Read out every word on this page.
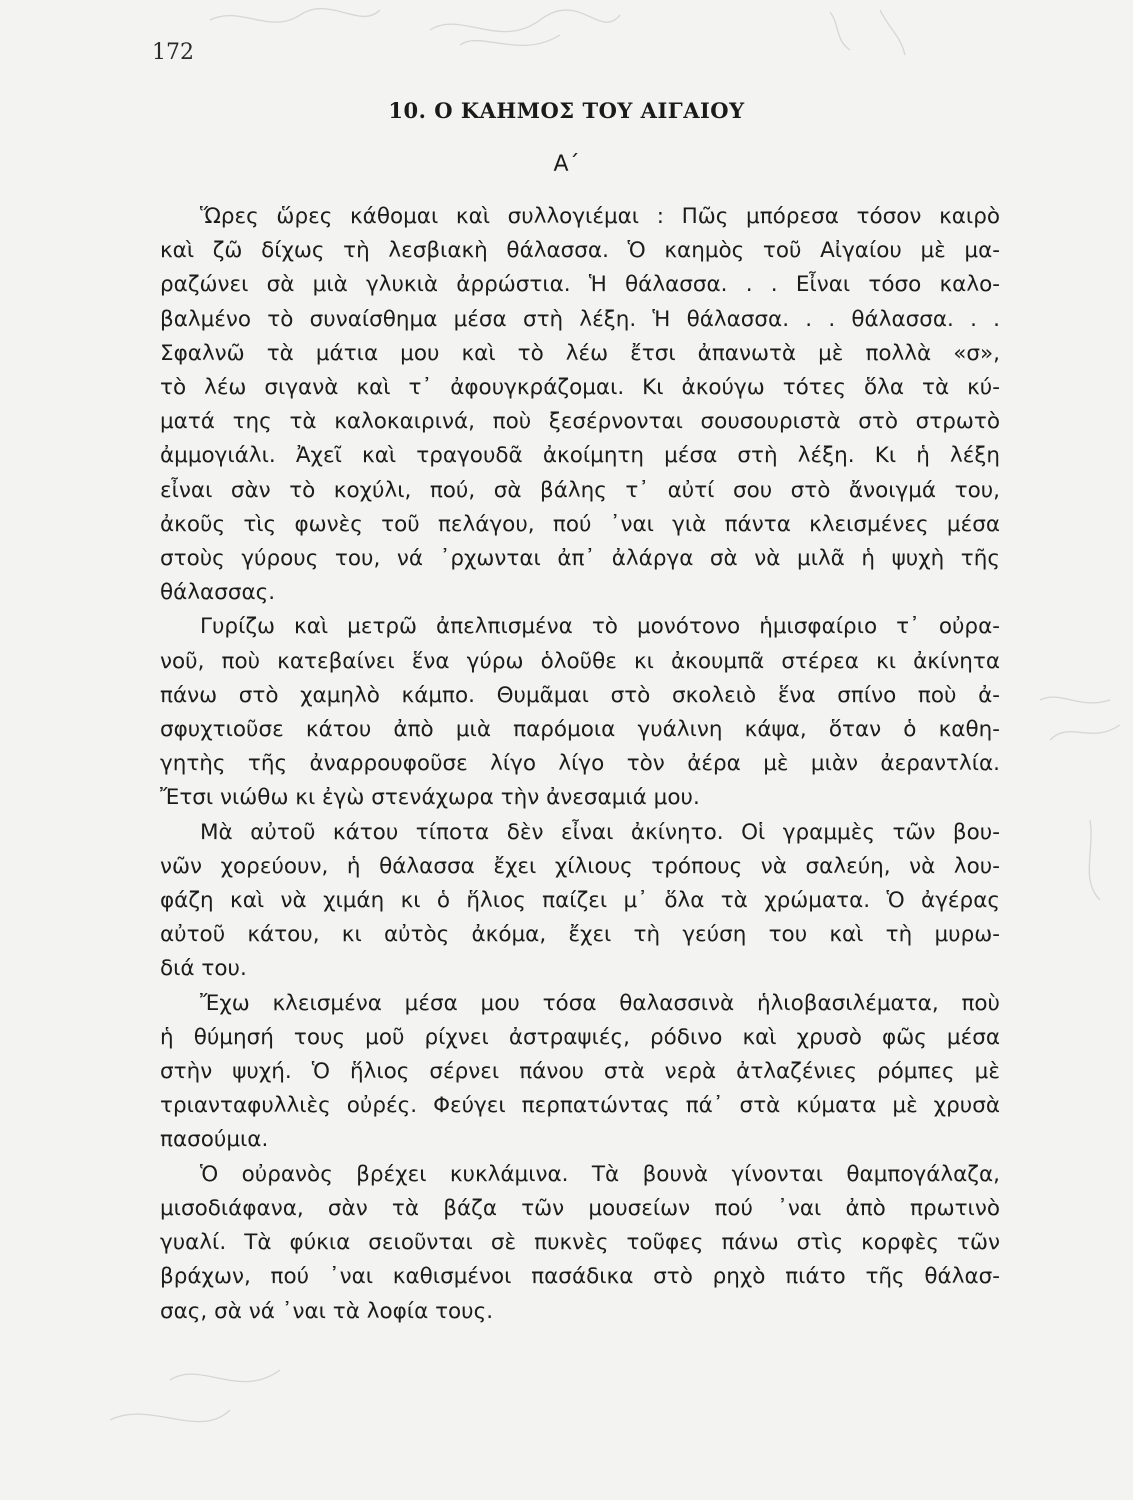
172
10. Ο ΚΑΗΜΟΣ ΤΟΥ ΑΙΓΑΙΟΥ
Α΄

Ὥρες ὥρες κάθομαι καὶ συλλογιέμαι : Πῶς μπόρεσα τόσον καιρὸ
καὶ ζῶ δίχως τὴ λεσβιακὴ θάλασσα. Ὁ καημὸς τοῦ Αἰγαίου μὲ μα-
ραζώνει σὰ μιὰ γλυκιὰ ἀρρώστια. Ἡ θάλασσα. . . Εἶναι τόσο καλο-
βαλμένο τὸ συναίσθημα μέσα στὴ λέξη. Ἡ θάλασσα. . . θάλασσα. . .
Σφαλνῶ τὰ μάτια μου καὶ τὸ λέω ἔτσι ἀπανωτὰ μὲ πολλὰ «σ»,
τὸ λέω σιγανὰ καὶ τ᾽ ἀφουγκράζομαι. Κι ἀκούγω τότες ὅλα τὰ κύ-
ματά της τὰ καλοκαιρινά, ποὺ ξεσέρνονται σουσουριστὰ στὸ στρωτὸ
ἀμμογιάλι. Ἀχεῖ καὶ τραγουδᾶ ἀκοίμητη μέσα στὴ λέξη. Κι ἡ λέξη
εἶναι σὰν τὸ κοχύλι, πού, σὰ βάλης τ᾽ αὐτί σου στὸ ἄνοιγμά του,
ἀκοῦς τὶς φωνὲς τοῦ πελάγου, πού ᾽ναι γιὰ πάντα κλεισμένες μέσα
στοὺς γύρους του, νά ᾽ρχωνται ἀπ᾽ ἀλάργα σὰ νὰ μιλᾶ ἡ ψυχὴ τῆς
θάλασσας.

Γυρίζω καὶ μετρῶ ἀπελπισμένα τὸ μονότονο ἡμισφαίριο τ᾽ οὐρα-
νοῦ, ποὺ κατεβαίνει ἕνα γύρω ὁλοῦθε κι ἀκουμπᾶ στέρεα κι ἀκίνητα
πάνω στὸ χαμηλὸ κάμπο. Θυμᾶμαι στὸ σκολειὸ ἕνα σπίνο ποὺ ἀ-
σφυχτιοῦσε κάτου ἀπὸ μιὰ παρόμοια γυάλινη κάψα, ὅταν ὁ καθη-
γητὴς τῆς ἀναρρουφοῦσε λίγο λίγο τὸν ἀέρα μὲ μιὰν ἀεραντλία.
Ἔτσι νιώθω κι ἐγὼ στενάχωρα τὴν ἀνεσαμιά μου.

Μὰ αὐτοῦ κάτου τίποτα δὲν εἶναι ἀκίνητο. Οἱ γραμμὲς τῶν βου-
νῶν χορεύουν, ἡ θάλασσα ἔχει χίλιους τρόπους νὰ σαλεύη, νὰ λου-
φάζη καὶ νὰ χιμάη κι ὁ ἥλιος παίζει μ᾽ ὅλα τὰ χρώματα. Ὁ ἀγέρας
αὐτοῦ κάτου, κι αὐτὸς ἀκόμα, ἔχει τὴ γεύση του καὶ τὴ μυρω-
διά του.

Ἔχω κλεισμένα μέσα μου τόσα θαλασσινὰ ἡλιοβασιλέματα, ποὺ
ἡ θύμησή τους μοῦ ρίχνει ἀστραψιές, ρόδινο καὶ χρυσὸ φῶς μέσα
στὴν ψυχή. Ὁ ἥλιος σέρνει πάνου στὰ νερὰ ἀτλαζένιες ρόμπες μὲ
τριανταφυλλιὲς οὐρές. Φεύγει περπατώντας πά᾽ στὰ κύματα μὲ χρυσὰ
πασούμια.

Ὁ οὐρανὸς βρέχει κυκλάμινα. Τὰ βουνὰ γίνονται θαμπογάλαζα,
μισοδιάφανα, σὰν τὰ βάζα τῶν μουσείων πού ᾽ναι ἀπὸ πρωτινὸ
γυαλί. Τὰ φύκια σειοῦνται σὲ πυκνὲς τοῦφες πάνω στὶς κορφὲς τῶν
βράχων, πού ᾽ναι καθισμένοι πασάδικα στὸ ρηχὸ πιάτο τῆς θάλασ-
σας, σὰ νά ᾽ναι τὰ λοφία τους.
